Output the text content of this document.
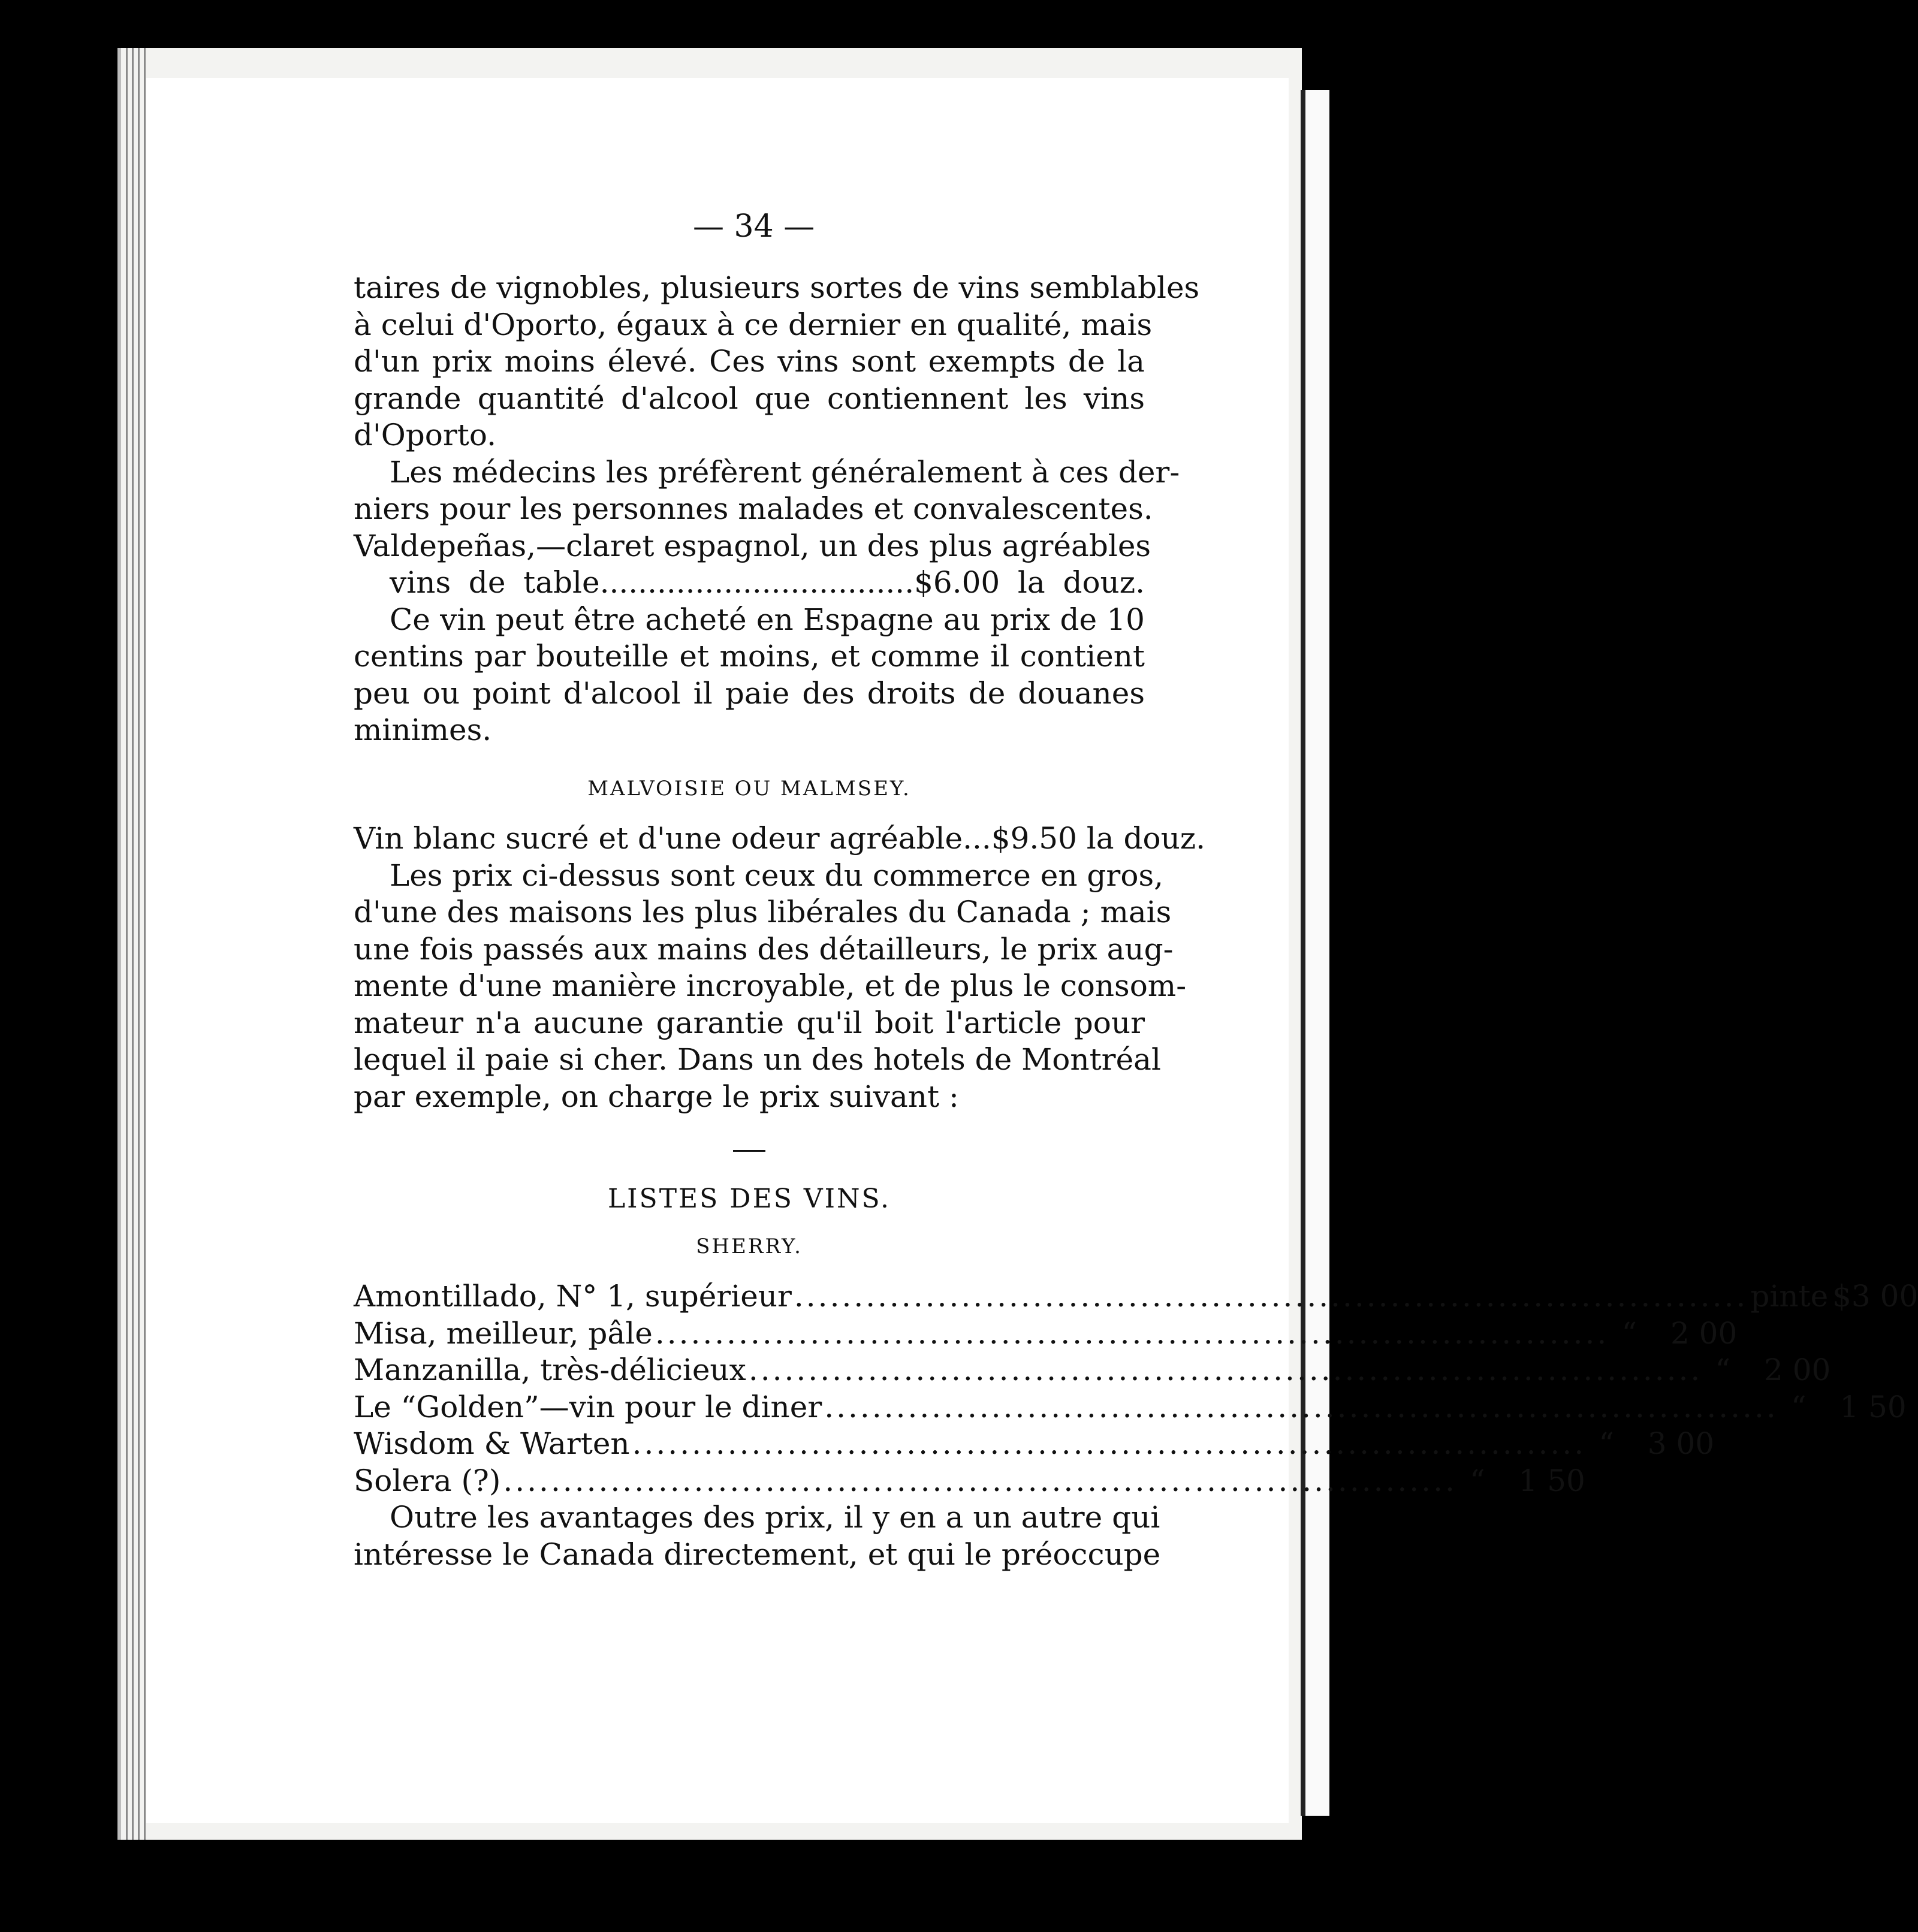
— 34 —
taires de vignobles, plusieurs sortes de vins semblables
à celui d'Oporto, égaux à ce dernier en qualité, mais
d'un prix moins élevé. Ces vins sont exempts de la
grande quantité d'alcool que contiennent les vins
d'Oporto.
Les médecins les préfèrent généralement à ces der-
niers pour les personnes malades et convalescentes.
Valdepeñas,—claret espagnol, un des plus agréables
vins de table.................................$6.00 la douz.
Ce vin peut être acheté en Espagne au prix de 10
centins par bouteille et moins, et comme il contient
peu ou point d'alcool il paie des droits de douanes
minimes.
MALVOISIE OU MALMSEY.
Vin blanc sucré et d'une odeur agréable...$9.50 la douz.
Les prix ci-dessus sont ceux du commerce en gros,
d'une des maisons les plus libérales du Canada ; mais
une fois passés aux mains des détailleurs, le prix aug-
mente d'une manière incroyable, et de plus le consom-
mateur n'a aucune garantie qu'il boit l'article pour
lequel il paie si cher. Dans un des hotels de Montréal
par exemple, on charge le prix suivant :
LISTES DES VINS.
SHERRY.
Amontillado, N° 1, supérieur ................................................................................ pinte $3 00
Misa, meilleur, pâle ................................................................................ “	2 00
Manzanilla, très-délicieux ................................................................................ “	2 00
Le “Golden”—vin pour le diner ................................................................................ “	1 50
Wisdom & Warten ................................................................................ “	3 00
Solera (?) ................................................................................ “	1 50
Outre les avantages des prix, il y en a un autre qui
intéresse le Canada directement, et qui le préoccupe
